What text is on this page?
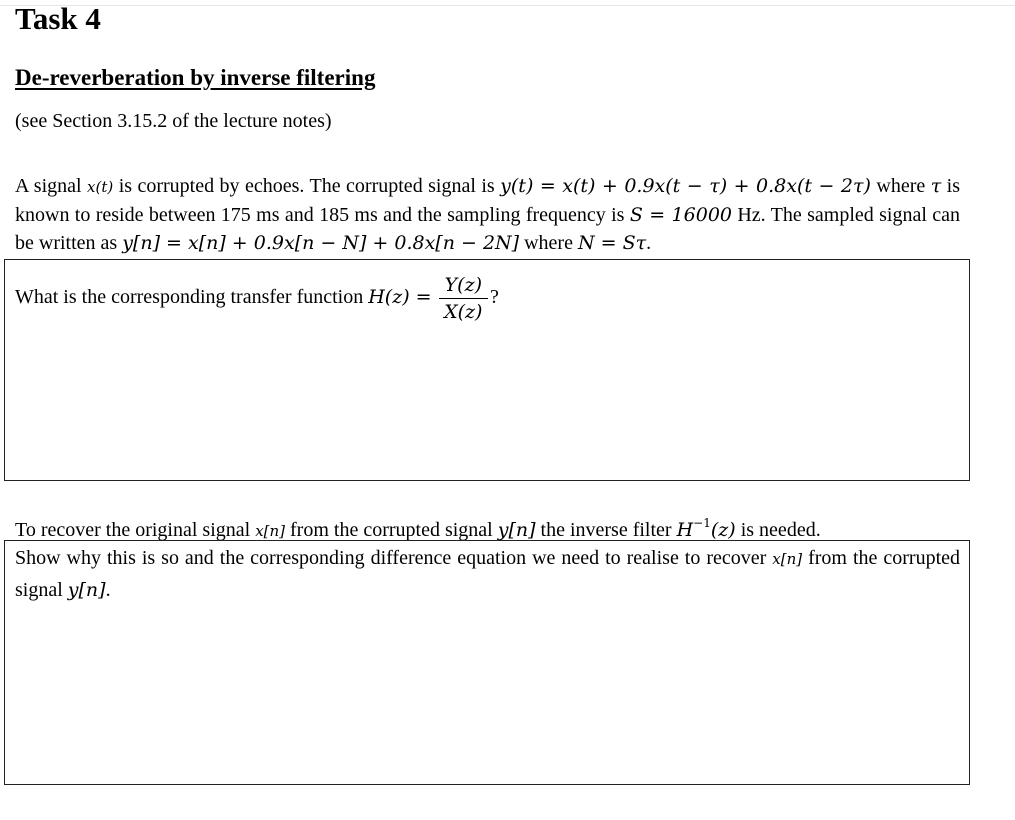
Task 4
De-reverberation by inverse filtering
(see Section 3.15.2 of the lecture notes)
A signal x(t) is corrupted by echoes. The corrupted signal is y(t) = x(t) + 0.9x(t − τ) + 0.8x(t − 2τ) where τ is known to reside between 175 ms and 185 ms and the sampling frequency is S = 16000 Hz. The sampled signal can be written as y[n] = x[n] + 0.9x[n − N] + 0.8x[n − 2N] where N = Sτ.
What is the corresponding transfer function $H(z) = \frac{Y(z)}{X(z)}$ ?
To recover the original signal x[n] from the corrupted signal y[n] the inverse filter $H^{-1}(z)$ is needed.
Show why this is so and the corresponding difference equation we need to realise to recover x[n] from the corrupted signal y[n].
